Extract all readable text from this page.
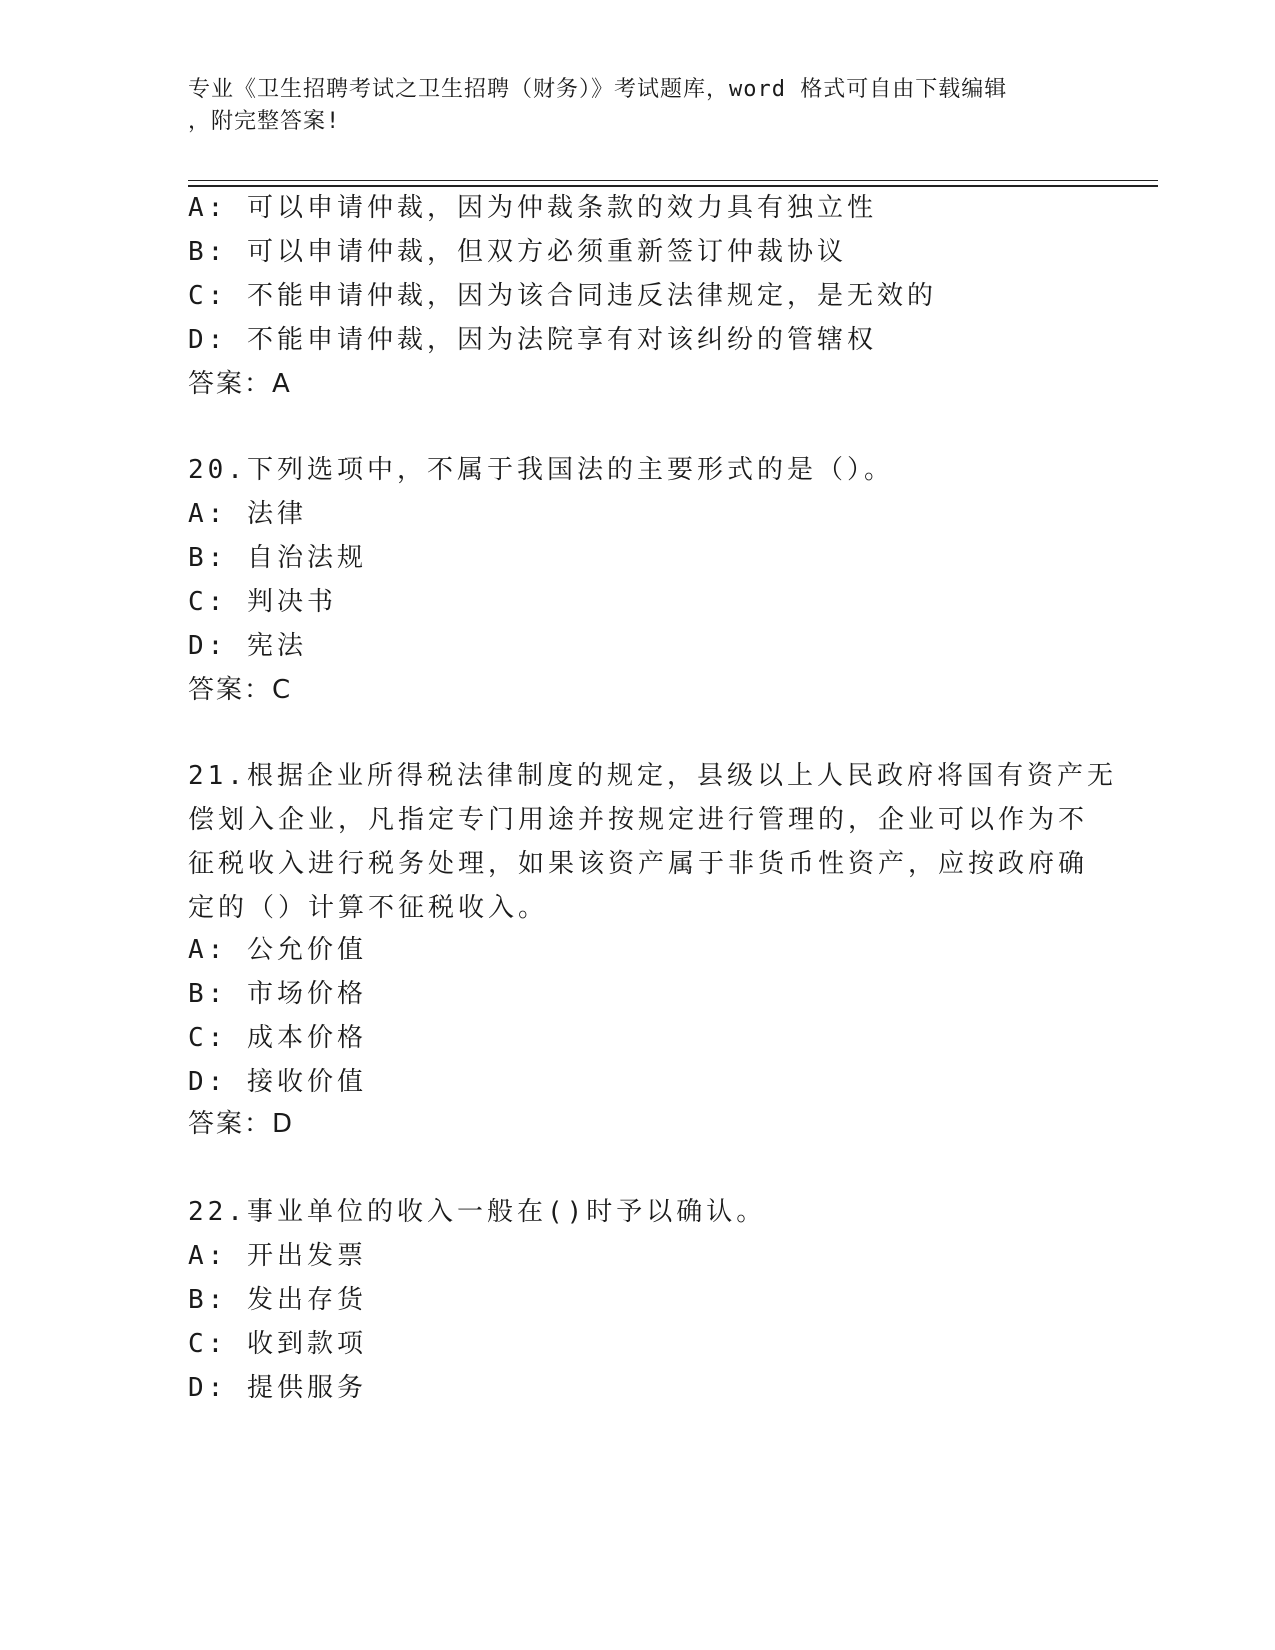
专业《卫生招聘考试之卫生招聘（财务）》考试题库，word 格式可自由下载编辑
，附完整答案!
A: 可以申请仲裁，因为仲裁条款的效力具有独立性
B: 可以申请仲裁，但双方必须重新签订仲裁协议
C: 不能申请仲裁，因为该合同违反法律规定，是无效的
D: 不能申请仲裁，因为法院享有对该纠纷的管辖权
答案：A
20.下列选项中，不属于我国法的主要形式的是（）。
A: 法律
B: 自治法规
C: 判决书
D: 宪法
答案：C
21.根据企业所得税法律制度的规定，县级以上人民政府将国有资产无
偿划入企业，凡指定专门用途并按规定进行管理的，企业可以作为不
征税收入进行税务处理，如果该资产属于非货币性资产，应按政府确
定的（）计算不征税收入。
A: 公允价值
B: 市场价格
C: 成本价格
D: 接收价值
答案：D
22.事业单位的收入一般在()时予以确认。
A: 开出发票
B: 发出存货
C: 收到款项
D: 提供服务
